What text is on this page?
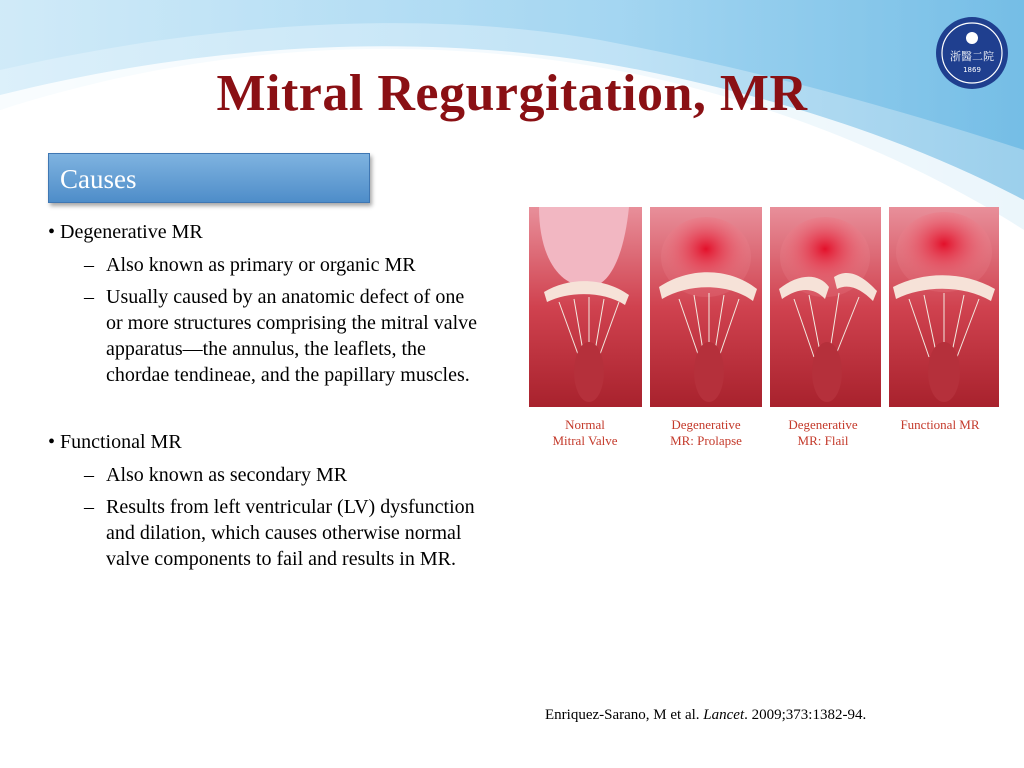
浙醫二院
1869
Mitral Regurgitation, MR
Causes
• Degenerative MR
– Also known as primary or organic MR
– Usually caused by an anatomic defect of one or more structures comprising the mitral valve apparatus—the annulus, the leaflets, the chordae tendineae, and the papillary muscles.
• Functional MR
– Also known as secondary MR
– Results from left ventricular (LV) dysfunction and dilation, which causes otherwise normal valve components to fail and results in MR.
Normal
Mitral Valve
Degenerative
MR: Prolapse
Degenerative
MR: Flail
Functional MR
Enriquez-Sarano, M et al. Lancet. 2009;373:1382-94.
